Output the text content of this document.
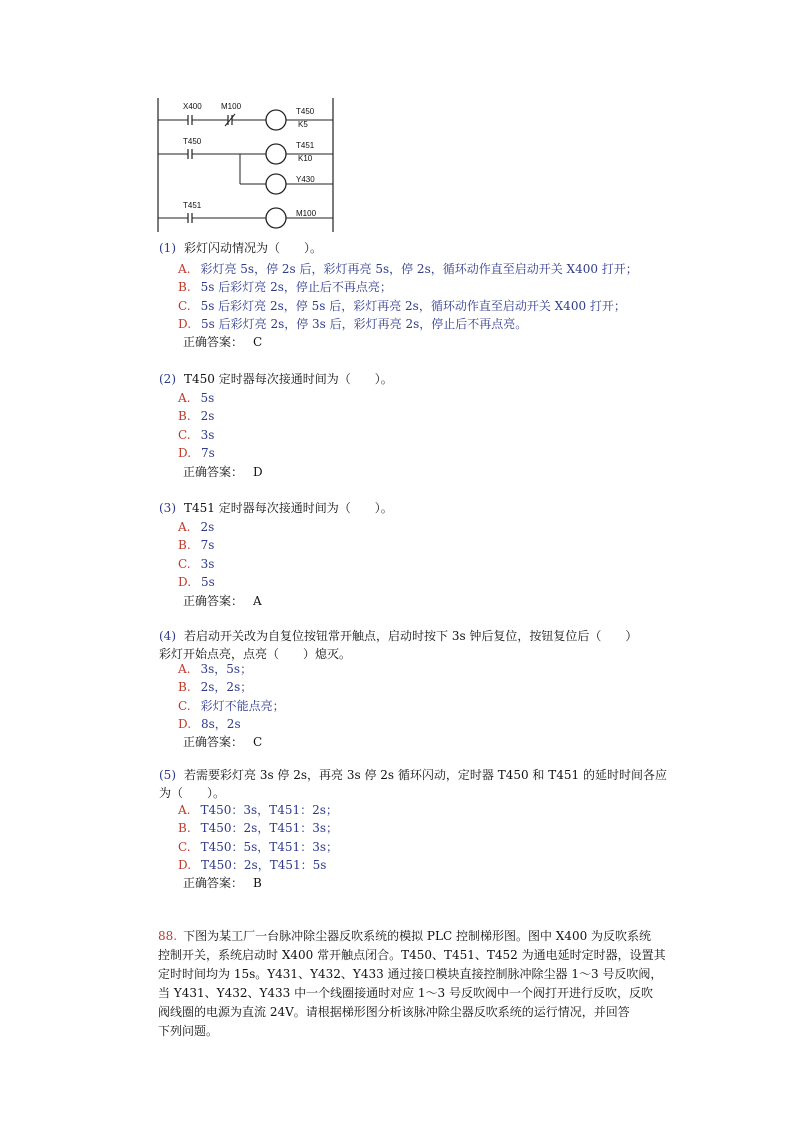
X400 M100
T450
K5
T450	T451
K10
Y430
T451
M100
(1) 彩灯闪动情况为（　　）。
A. 彩灯亮 5s，停 2s 后，彩灯再亮 5s，停 2s，循环动作直至启动开关 X400 打开；
B. 5s 后彩灯亮 2s，停止后不再点亮；
C. 5s 后彩灯亮 2s，停 5s 后，彩灯再亮 2s，循环动作直至启动开关 X400 打开；
D. 5s 后彩灯亮 2s，停 3s 后，彩灯再亮 2s，停止后不再点亮。
正确答案： C
(2) T450 定时器每次接通时间为（　　）。
A. 5s
B. 2s
C. 3s
D. 7s
正确答案： D
(3) T451 定时器每次接通时间为（　　）。
A. 2s
B. 7s
C. 3s
D. 5s
正确答案： A
(4) 若启动开关改为自复位按钮常开触点，启动时按下 3s 钟后复位，按钮复位后（　　）
彩灯开始点亮，点亮（　　）熄灭。
A. 3s，5s；
B. 2s，2s；
C. 彩灯不能点亮；
D. 8s，2s
正确答案： C
(5) 若需要彩灯亮 3s 停 2s，再亮 3s 停 2s 循环闪动，定时器 T450 和 T451 的延时时间各应
为（　　）。
A. T450：3s，T451：2s；
B. T450：2s，T451：3s；
C. T450：5s，T451：3s；
D. T450：2s，T451：5s
正确答案： B
88. 下图为某工厂一台脉冲除尘器反吹系统的模拟 PLC 控制梯形图。图中 X400 为反吹系统
控制开关，系统启动时 X400 常开触点闭合。T450、T451、T452 为通电延时定时器，设置其
定时时间均为 15s。Y431、Y432、Y433 通过接口模块直接控制脉冲除尘器 1～3 号反吹阀，
当 Y431、Y432、Y433 中一个线圈接通时对应 1～3 号反吹阀中一个阀打开进行反吹，反吹
阀线圈的电源为直流 24V。请根据梯形图分析该脉冲除尘器反吹系统的运行情况，并回答
下列问题。
